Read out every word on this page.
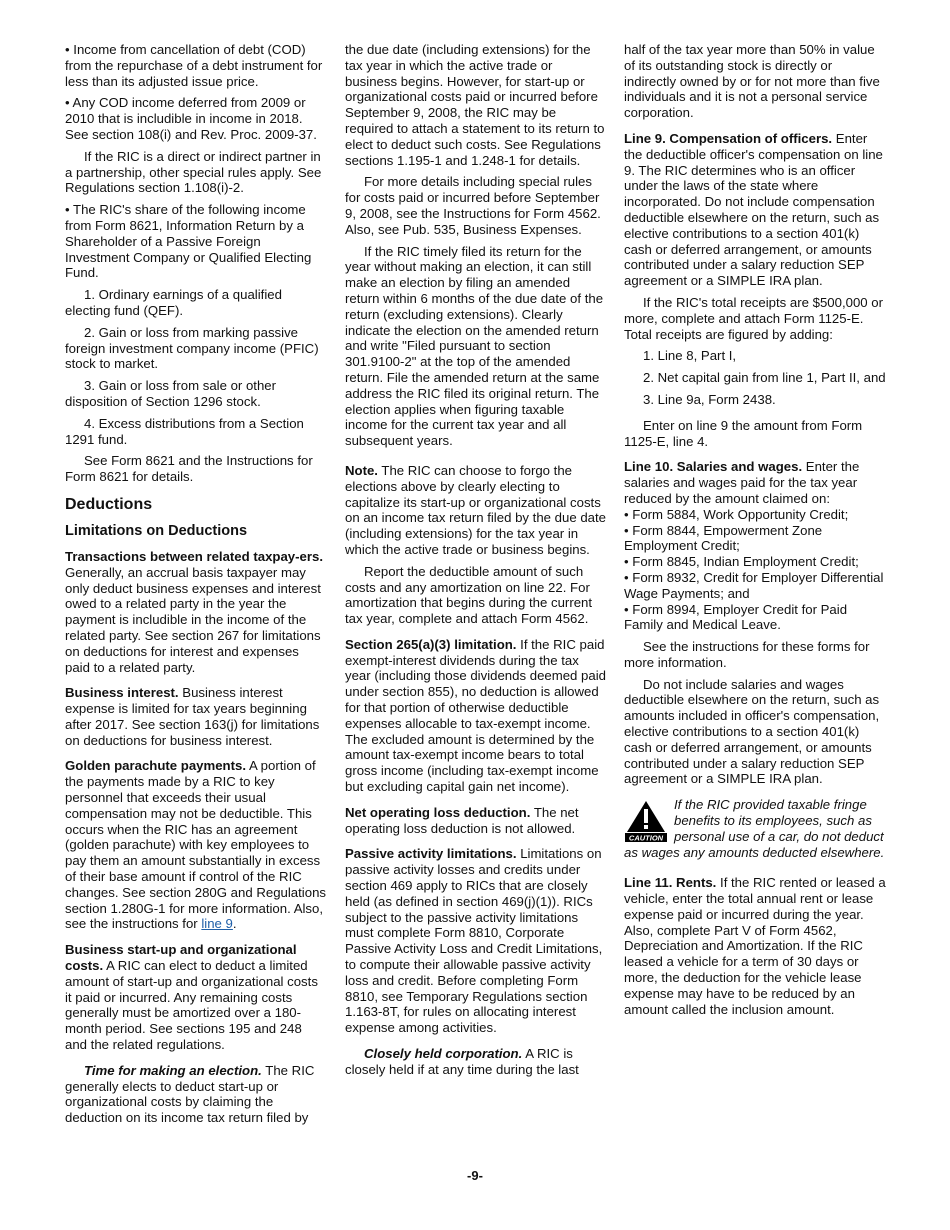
• Income from cancellation of debt (COD) from the repurchase of a debt instrument for less than its adjusted issue price.

• Any COD income deferred from 2009 or 2010 that is includible in income in 2018. See section 108(i) and Rev. Proc. 2009-37.

If the RIC is a direct or indirect partner in a partnership, other special rules apply. See Regulations section 1.108(i)-2.

• The RIC's share of the following income from Form 8621, Information Return by a Shareholder of a Passive Foreign Investment Company or Qualified Electing Fund.

1. Ordinary earnings of a qualified electing fund (QEF).

2. Gain or loss from marking passive foreign investment company income (PFIC) stock to market.

3. Gain or loss from sale or other disposition of Section 1296 stock.

4. Excess distributions from a Section 1291 fund.

See Form 8621 and the Instructions for Form 8621 for details.

Deductions
Limitations on Deductions

Transactions between related taxpay-ers. Generally, an accrual basis taxpayer may only deduct business expenses and interest owed to a related party in the year the payment is includible in the income of the related party. See section 267 for limitations on deductions for interest and expenses paid to a related party.

Business interest. Business interest expense is limited for tax years beginning after 2017. See section 163(j) for limitations on deductions for business interest.

Golden parachute payments. A portion of the payments made by a RIC to key personnel that exceeds their usual compensation may not be deductible. This occurs when the RIC has an agreement (golden parachute) with key employees to pay them an amount substantially in excess of their base amount if control of the RIC changes. See section 280G and Regulations section 1.280G-1 for more information. Also, see the instructions for line 9.

Business start-up and organizational costs. A RIC can elect to deduct a limited amount of start-up and organizational costs it paid or incurred. Any remaining costs generally must be amortized over a 180-month period. See sections 195 and 248 and the related regulations.

Time for making an election. The RIC generally elects to deduct start-up or organizational costs by claiming the deduction on its income tax return filed by

the due date (including extensions) for the tax year in which the active trade or business begins. However, for start-up or organizational costs paid or incurred before September 9, 2008, the RIC may be required to attach a statement to its return to elect to deduct such costs. See Regulations sections 1.195-1 and 1.248-1 for details.

For more details including special rules for costs paid or incurred before September 9, 2008, see the Instructions for Form 4562. Also, see Pub. 535, Business Expenses.

If the RIC timely filed its return for the year without making an election, it can still make an election by filing an amended return within 6 months of the due date of the return (excluding extensions). Clearly indicate the election on the amended return and write "Filed pursuant to section 301.9100-2" at the top of the amended return. File the amended return at the same address the RIC filed its original return. The election applies when figuring taxable income for the current tax year and all subsequent years.

Note. The RIC can choose to forgo the elections above by clearly electing to capitalize its start-up or organizational costs on an income tax return filed by the due date (including extensions) for the tax year in which the active trade or business begins.

Report the deductible amount of such costs and any amortization on line 22. For amortization that begins during the current tax year, complete and attach Form 4562.

Section 265(a)(3) limitation. If the RIC paid exempt-interest dividends during the tax year (including those dividends deemed paid under section 855), no deduction is allowed for that portion of otherwise deductible expenses allocable to tax-exempt income. The excluded amount is determined by the amount tax-exempt income bears to total gross income (including tax-exempt income but excluding capital gain net income).

Net operating loss deduction. The net operating loss deduction is not allowed.

Passive activity limitations. Limitations on passive activity losses and credits under section 469 apply to RICs that are closely held (as defined in section 469(j)(1)). RICs subject to the passive activity limitations must complete Form 8810, Corporate Passive Activity Loss and Credit Limitations, to compute their allowable passive activity loss and credit. Before completing Form 8810, see Temporary Regulations section 1.163-8T, for rules on allocating interest expense among activities.

Closely held corporation. A RIC is closely held if at any time during the last

half of the tax year more than 50% in value of its outstanding stock is directly or indirectly owned by or for not more than five individuals and it is not a personal service corporation.

Line 9. Compensation of officers. Enter the deductible officer's compensation on line 9. The RIC determines who is an officer under the laws of the state where incorporated. Do not include compensation deductible elsewhere on the return, such as elective contributions to a section 401(k) cash or deferred arrangement, or amounts contributed under a salary reduction SEP agreement or a SIMPLE IRA plan.

If the RIC's total receipts are $500,000 or more, complete and attach Form 1125-E. Total receipts are figured by adding:

1. Line 8, Part I,

2. Net capital gain from line 1, Part II, and

3. Line 9a, Form 2438.

Enter on line 9 the amount from Form 1125-E, line 4.

Line 10. Salaries and wages. Enter the salaries and wages paid for the tax year reduced by the amount claimed on:

• Form 5884, Work Opportunity Credit;

• Form 8844, Empowerment Zone Employment Credit;

• Form 8845, Indian Employment Credit;

• Form 8932, Credit for Employer Differential Wage Payments; and

• Form 8994, Employer Credit for Paid Family and Medical Leave.

See the instructions for these forms for more information.

Do not include salaries and wages deductible elsewhere on the return, such as amounts included in officer's compensation, elective contributions to a section 401(k) cash or deferred arrangement, or amounts contributed under a salary reduction SEP agreement or a SIMPLE IRA plan.

CAUTION
If the RIC provided taxable fringe benefits to its employees, such as personal use of a car, do not deduct as wages any amounts deducted elsewhere.

Line 11. Rents. If the RIC rented or leased a vehicle, enter the total annual rent or lease expense paid or incurred during the year. Also, complete Part V of Form 4562, Depreciation and Amortization. If the RIC leased a vehicle for a term of 30 days or more, the deduction for the vehicle lease expense may have to be reduced by an amount called the inclusion amount.

-9-
